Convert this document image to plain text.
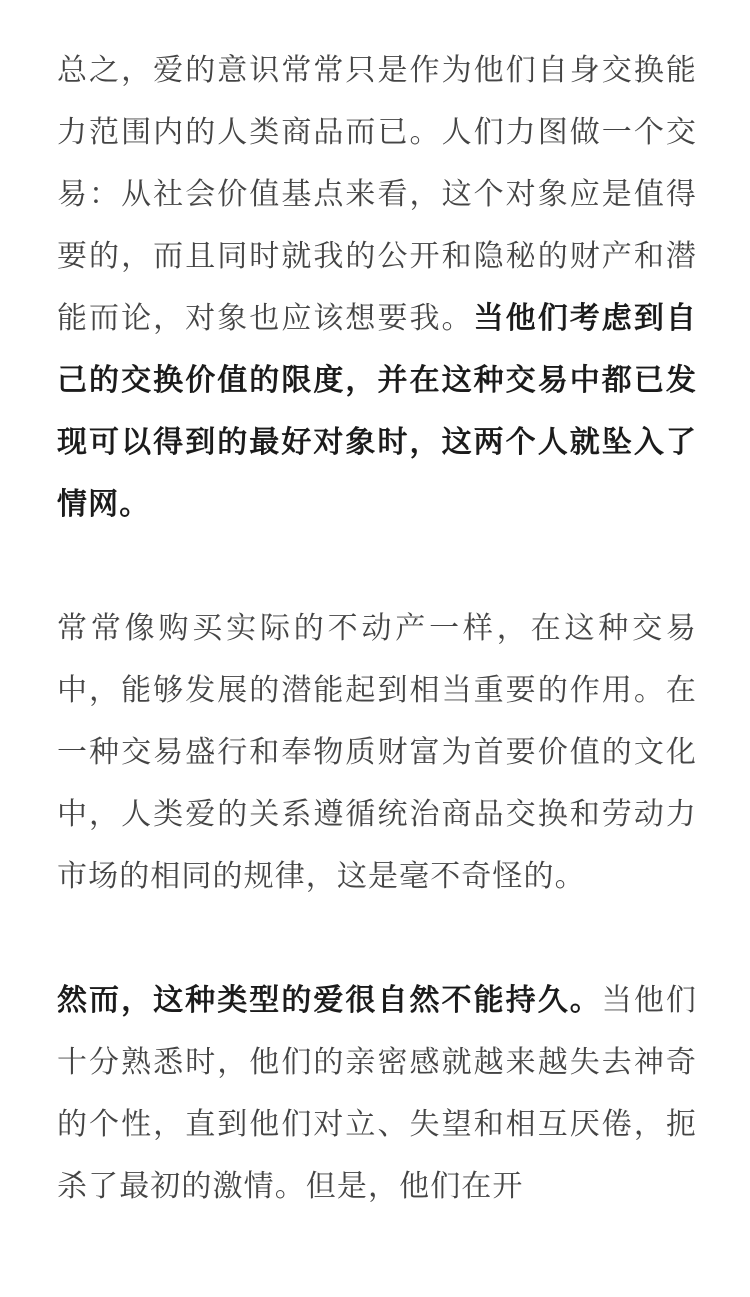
总之，爱的意识常常只是作为他们自身交换能力范围内的人类商品而已。人们力图做一个交易：从社会价值基点来看，这个对象应是值得要的，而且同时就我的公开和隐秘的财产和潜能而论，对象也应该想要我。当他们考虑到自己的交换价值的限度，并在这种交易中都已发现可以得到的最好对象时，这两个人就坠入了情网。

常常像购买实际的不动产一样，在这种交易中，能够发展的潜能起到相当重要的作用。在一种交易盛行和奉物质财富为首要价值的文化中，人类爱的关系遵循统治商品交换和劳动力市场的相同的规律，这是毫不奇怪的。

然而，这种类型的爱很自然不能持久。当他们十分熟悉时，他们的亲密感就越来越失去神奇的个性，直到他们对立、失望和相互厌倦，扼杀了最初的激情。但是，他们在开
